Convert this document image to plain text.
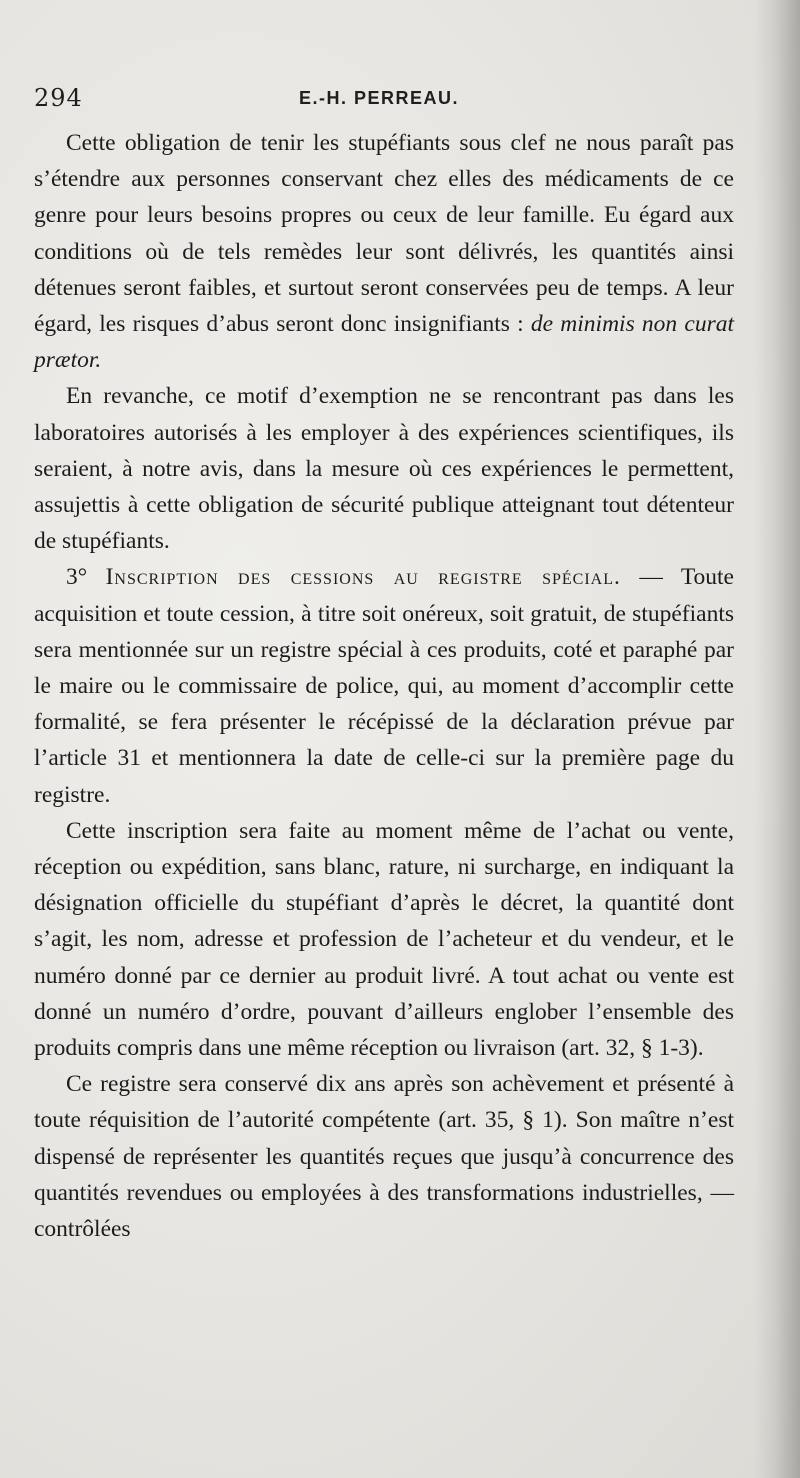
294	E.-H. PERREAU.

Cette obligation de tenir les stupéfiants sous clef ne nous paraît pas s’étendre aux personnes conservant chez elles des médicaments de ce genre pour leurs besoins propres ou ceux de leur famille. Eu égard aux conditions où de tels remèdes leur sont délivrés, les quantités ainsi détenues seront faibles, et surtout seront conservées peu de temps. A leur égard, les risques d’abus seront donc insignifiants : de minimis non curat prætor.

En revanche, ce motif d’exemption ne se rencontrant pas dans les laboratoires autorisés à les employer à des expériences scientifiques, ils seraient, à notre avis, dans la mesure où ces expériences le permettent, assujettis à cette obligation de sécurité publique atteignant tout détenteur de stupéfiants.

3° Inscription des cessions au registre spécial. — Toute acquisition et toute cession, à titre soit onéreux, soit gratuit, de stupéfiants sera mentionnée sur un registre spécial à ces produits, coté et paraphé par le maire ou le commissaire de police, qui, au moment d’accomplir cette formalité, se fera présenter le récépissé de la déclaration prévue par l’article 31 et mentionnera la date de celle-ci sur la première page du registre.

Cette inscription sera faite au moment même de l’achat ou vente, réception ou expédition, sans blanc, rature, ni surcharge, en indiquant la désignation officielle du stupéfiant d’après le décret, la quantité dont s’agit, les nom, adresse et profession de l’acheteur et du vendeur, et le numéro donné par ce dernier au produit livré. A tout achat ou vente est donné un numéro d’ordre, pouvant d’ailleurs englober l’ensemble des produits compris dans une même réception ou livraison (art. 32, § 1-3).

Ce registre sera conservé dix ans après son achèvement et présenté à toute réquisition de l’autorité compétente (art. 35, § 1). Son maître n’est dispensé de représenter les quantités reçues que jusqu’à concurrence des quantités revendues ou employées à des transformations industrielles, — contrôlées
